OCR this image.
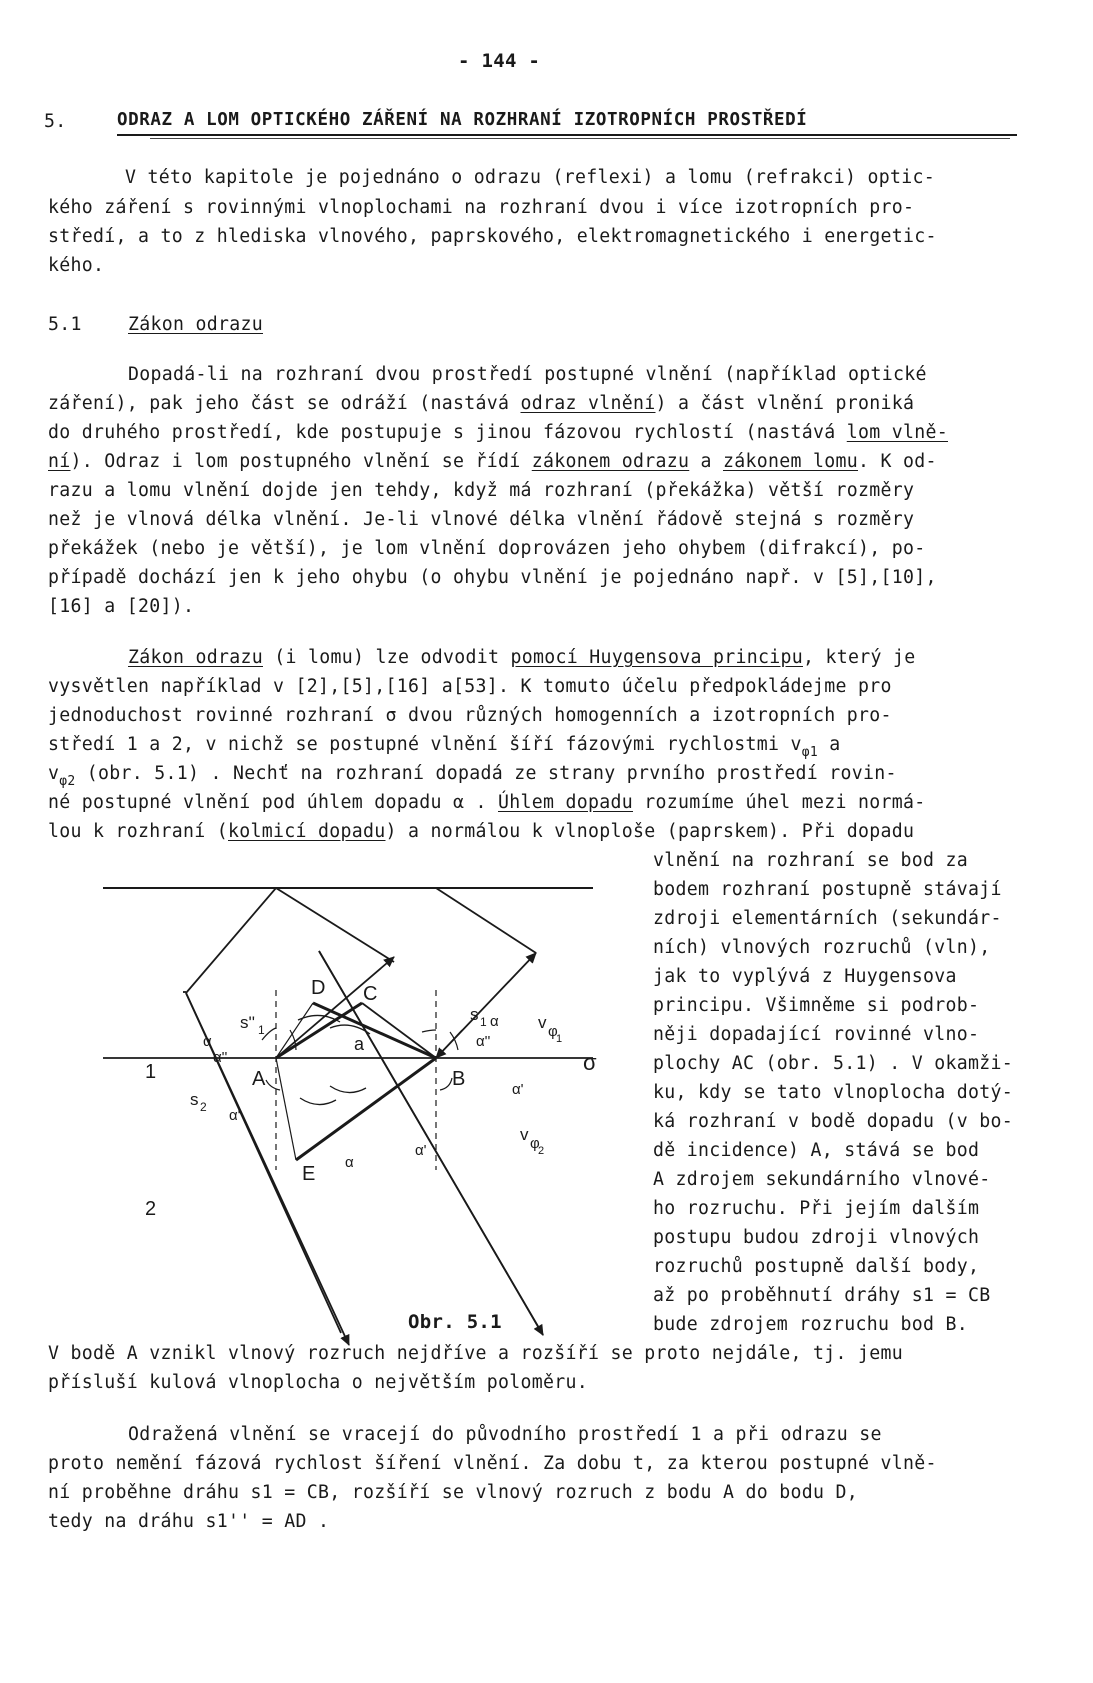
- 144 -
5.	ODRAZ A LOM OPTICKÉHO ZÁŘENÍ NA ROZHRANÍ IZOTROPNÍCH PROSTŘEDÍ
V této kapitole je pojednáno o odrazu (reflexi) a lomu (refrakci) optic-
kého záření s rovinnými vlnoplochami na rozhraní dvou i více izotropních pro-
středí, a to z hlediska vlnového, paprskového, elektromagnetického i energetic-
kého.
5.1	Zákon odrazu
Dopadá-li na rozhraní dvou prostředí postupné vlnění (například optické
záření), pak jeho část se odráží (nastává odraz vlnění) a část vlnění proniká
do druhého prostředí, kde postupuje s jinou fázovou rychlostí (nastává lom vlně-
ní). Odraz i lom postupného vlnění se řídí zákonem odrazu a zákonem lomu. K od-
razu a lomu vlnění dojde jen tehdy, když má rozhraní (překážka) větší rozměry
než je vlnová délka vlnění. Je-li vlnové délka vlnění řádově stejná s rozměry
překážek (nebo je větší), je lom vlnění doprovázen jeho ohybem (difrakcí), po-
případě dochází jen k jeho ohybu (o ohybu vlnění je pojednáno např. v [5],[10],
[16] a [20]).
Zákon odrazu (i lomu) lze odvodit pomocí Huygensova principu, který je
vysvětlen například v [2],[5],[16] a[53]. K tomuto účelu předpokládejme pro
jednoduchost rovinné rozhraní σ dvou různých homogenních a izotropních pro-
středí 1 a 2, v nichž se postupné vlnění šíří fázovými rychlostmi $v_{\varphi 1}$ a
$v_{\varphi 2}$ (obr. 5.1) . Nechť na rozhraní dopadá ze strany prvního prostředí rovin-
né postupné vlnění pod úhlem dopadu α . Úhlem dopadu rozumíme úhel mezi normá-
lou k rozhraní (kolmicí dopadu) a normálou k vlnoploše (paprskem). Při dopadu
vlnění na rozhraní se bod za
bodem rozhraní postupně stávají
zdroji elementárních (sekundár-
ních) vlnových rozruchů (vln),
jak to vyplývá z Huygensova
principu. Všimněme si podrob-
něji dopadající rovinné vlno-
plochy AC (obr. 5.1) . V okamži-
ku, kdy se tato vlnoplocha dotý-
ká rozhraní v bodě dopadu (v bo-
dě incidence) A, stává se bod
A zdrojem sekundárního vlnové-
ho rozruchu. Při jejím dalším
postupu budou zdroji vlnových
rozruchů postupně další body,
až po proběhnutí dráhy s1 = CB
bude zdrojem rozruchu bod B.
1
2
A	B
C
D
E
a
σ
α
α''
α'
α
α
α''
α'
α'
s'' 1
s 1
s 2
v φ
1
v φ
2
Obr. 5.1
V bodě A vznikl vlnový rozruch nejdříve a rozšíří se proto nejdále, tj. jemu
přísluší kulová vlnoplocha o největším poloměru.
Odražená vlnění se vracejí do původního prostředí 1 a při odrazu se
proto nemění fázová rychlost šíření vlnění. Za dobu t, za kterou postupné vlně-
ní proběhne dráhu s1 = CB, rozšíří se vlnový rozruch z bodu A do bodu D,
tedy na dráhu s1'' = AD .
